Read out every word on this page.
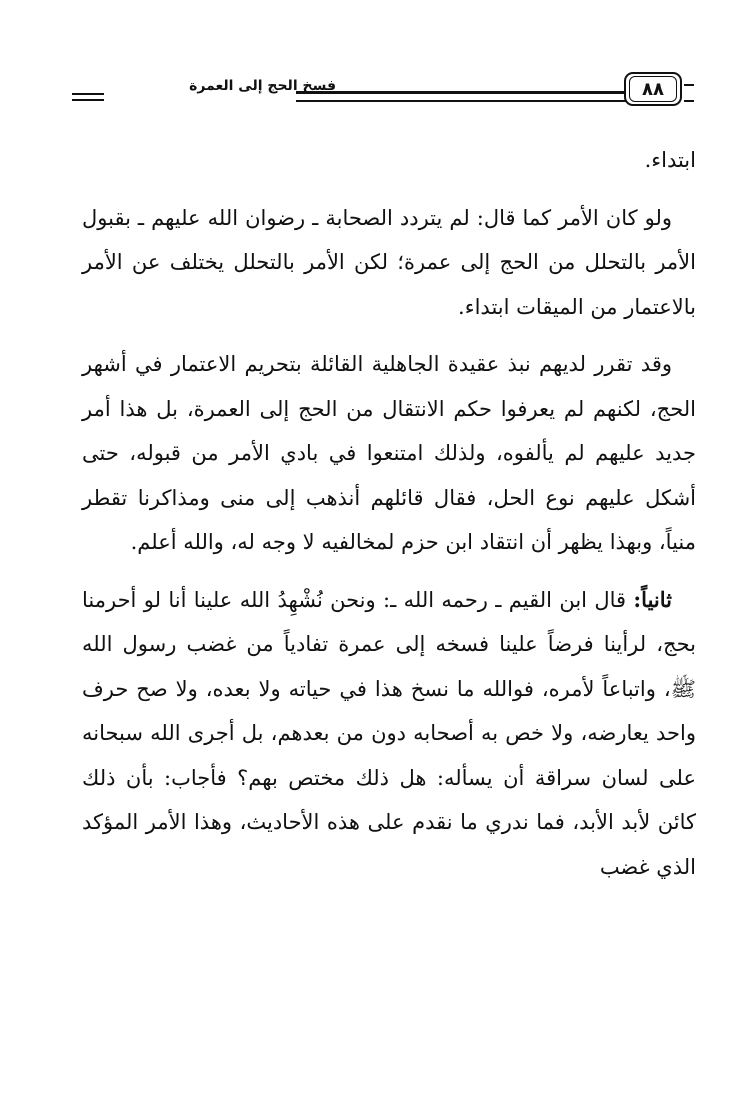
فسخ الحج إلى العمرة	٨٨

ابتداء.

ولو كان الأمر كما قال: لم يتردد الصحابة ـ رضوان الله عليهم ـ بقبول الأمر بالتحلل من الحج إلى عمرة؛ لكن الأمر بالتحلل يختلف عن الأمر بالاعتمار من الميقات ابتداء.

وقد تقرر لديهم نبذ عقيدة الجاهلية القائلة بتحريم الاعتمار في أشهر الحج، لكنهم لم يعرفوا حكم الانتقال من الحج إلى العمرة، بل هذا أمر جديد عليهم لم يألفوه، ولذلك امتنعوا في بادي الأمر من قبوله، حتى أشكل عليهم نوع الحل، فقال قائلهم أنذهب إلى منى ومذاكرنا تقطر منياً، وبهذا يظهر أن انتقاد ابن حزم لمخالفيه لا وجه له، والله أعلم.

ثانياً: قال ابن القيم ـ رحمه الله ـ: ونحن نُشْهِدُ الله علينا أنا لو أحرمنا بحج، لرأينا فرضاً علينا فسخه إلى عمرة تفادياً من غضب رسول الله ﷺ، واتباعاً لأمره، فوالله ما نسخ هذا في حياته ولا بعده، ولا صح حرف واحد يعارضه، ولا خص به أصحابه دون من بعدهم، بل أجرى الله سبحانه على لسان سراقة أن يسأله: هل ذلك مختص بهم؟ فأجاب: بأن ذلك كائن لأبد الأبد، فما ندري ما نقدم على هذه الأحاديث، وهذا الأمر المؤكد الذي غضب
